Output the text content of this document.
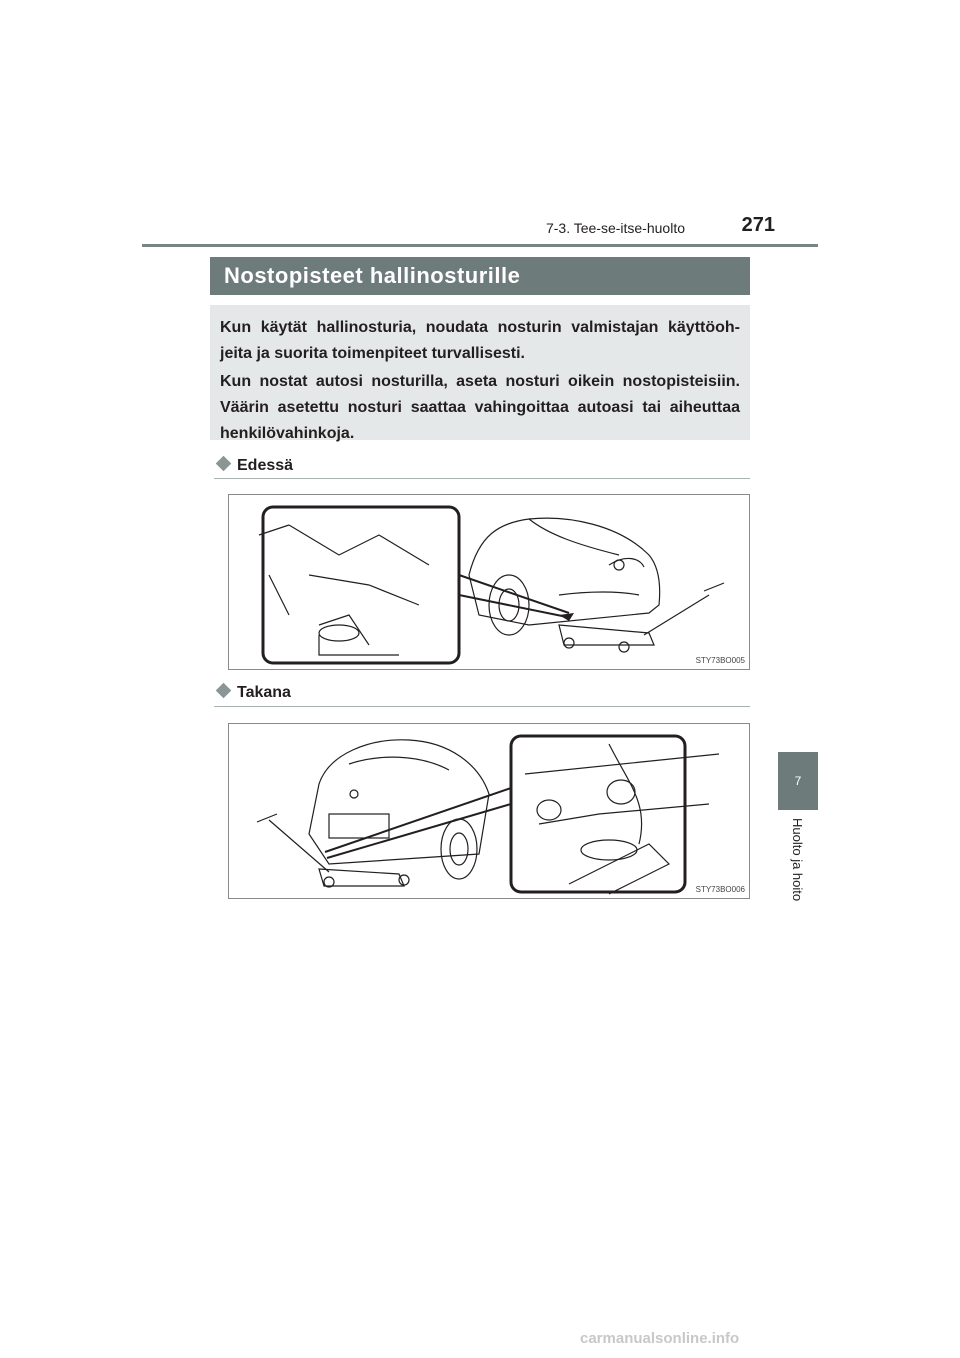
7-3. Tee-se-itse-huolto	271
Nostopisteet hallinosturille

Kun käytät hallinosturia, noudata nosturin valmistajan käyttöoh-jeita ja suorita toimenpiteet turvallisesti.

Kun nostat autosi nosturilla, aseta nosturi oikein nostopisteisiin. Väärin asetettu nosturi saattaa vahingoittaa autoasi tai aiheuttaa henkilövahinkoja.

Edessä
STY73BO005
Takana
STY73BO006
7
Huolto ja hoito
carmanualsonline.info
